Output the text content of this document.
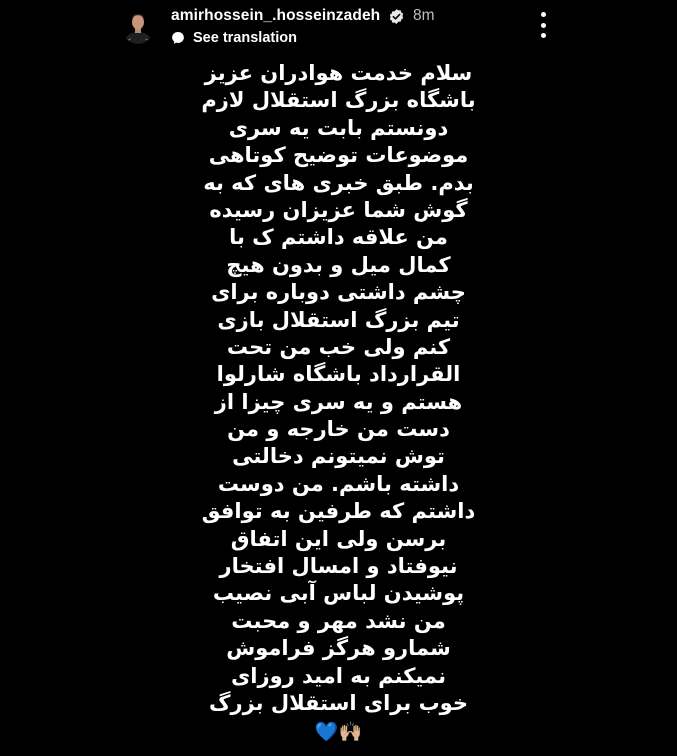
amirhossein_.hosseinzadeh 8m
See translation
سلام خدمت هوادران عزیز
باشگاه بزرگ استقلال لازم
دونستم بابت یه سری
موضوعات توضیح کوتاهی
بدم. طبق خبری های که به
گوش شما عزیزان رسیده
من علاقه داشتم ک با
کمال میل و بدون هیچ
چشم داشتی دوباره برای
تیم بزرگ استقلال بازی
کنم ولی خب من تحت
القرارداد باشگاه شارلوا
هستم و یه سری چیزا از
دست من خارجه و من
توش نمیتونم دخالتی
داشته باشم. من دوست
داشتم که طرفین به توافق
برسن ولی این اتفاق
نیوفتاد و امسال افتخار
پوشیدن لباس آبی نصیب
من نشد مهر و محبت
شمارو هرگز فراموش
نمیکنم به امید روزای
خوب برای استقلال بزرگ
🙌🏼💙
